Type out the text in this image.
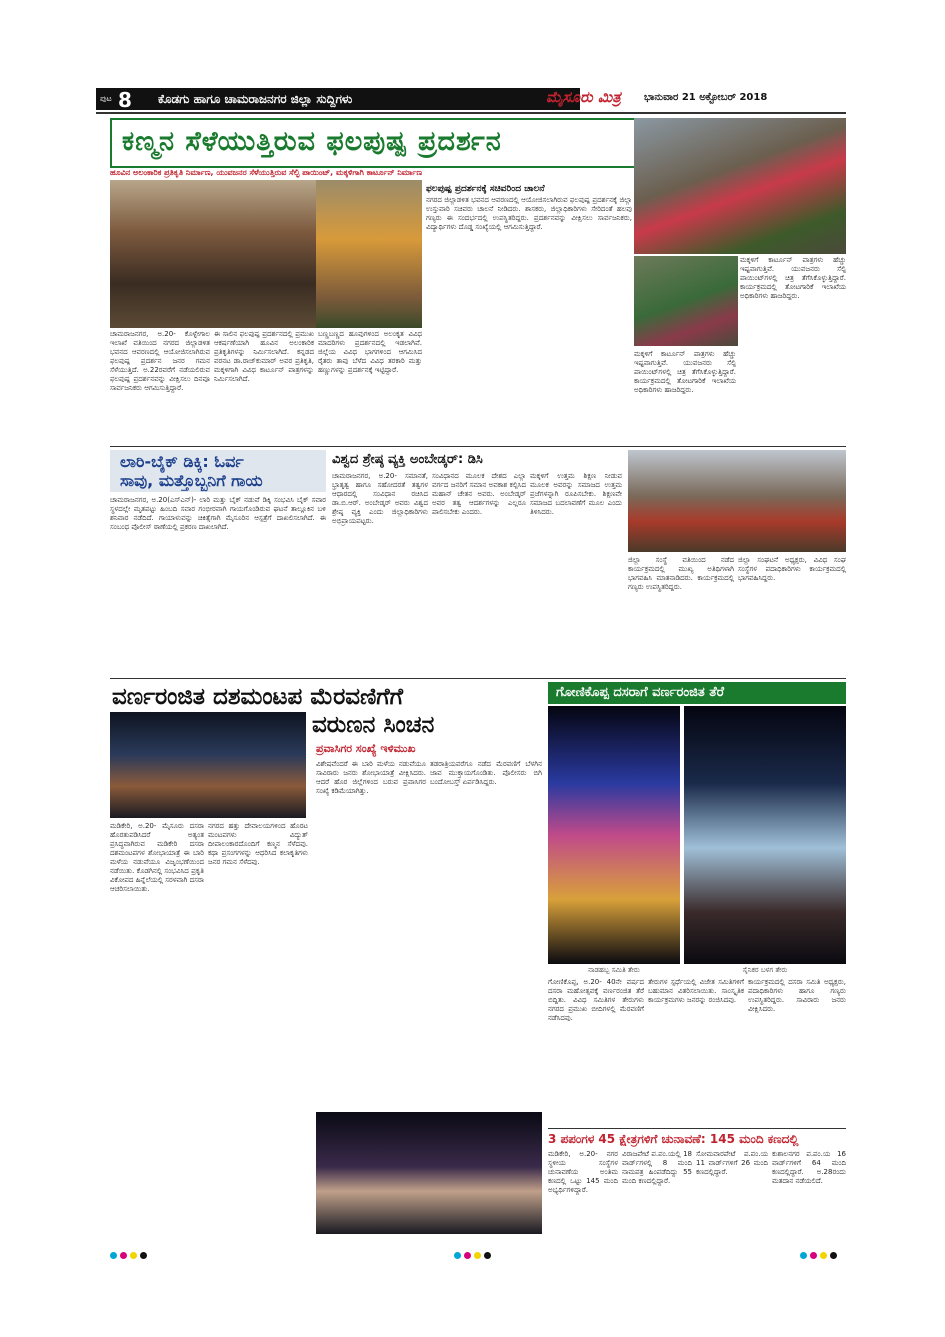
ಪುಟ 8 ಕೊಡಗು ಹಾಗೂ ಚಾಮರಾಜನಗರ ಜಿಲ್ಲಾ ಸುದ್ದಿಗಳು	ಮೈಸೂರು ಮಿತ್ರ ಭಾನುವಾರ 21 ಅಕ್ಟೋಬರ್ 2018
ಕಣ್ಮನ ಸೆಳೆಯುತ್ತಿರುವ ಫಲಪುಷ್ಪ ಪ್ರದರ್ಶನ
ಹೂವಿನ ಅಲಂಕಾರಿಕ ಪ್ರತಿಕೃತಿ ನಿರ್ಮಾಣ, ಯುವಜನರ ಸೆಳೆಯುತ್ತಿರುವ ಸೆಲ್ಫಿ ಪಾಯಿಂಟ್, ಮಕ್ಕಳಿಗಾಗಿ ಕಾರ್ಟೂನ್ ನಿರ್ಮಾಣ
ಫಲಪುಷ್ಪ ಪ್ರದರ್ಶನಕ್ಕೆ ಸಚಿವರಿಂದ ಚಾಲನೆ
ನಗರದ ಜಿಲ್ಲಾಡಳಿತ ಭವನದ ಆವರಣದಲ್ಲಿ ಆಯೋಜಿಸಲಾಗಿರುವ ಫಲಪುಷ್ಪ ಪ್ರದರ್ಶನಕ್ಕೆ ಜಿಲ್ಲಾ ಉಸ್ತುವಾರಿ ಸಚಿವರು ಚಾಲನೆ ನೀಡಿದರು. ಶಾಸಕರು, ಜಿಲ್ಲಾಧಿಕಾರಿಗಳು ಸೇರಿದಂತೆ ಹಲವು ಗಣ್ಯರು ಈ ಸಂದರ್ಭದಲ್ಲಿ ಉಪಸ್ಥಿತರಿದ್ದರು. ಪ್ರದರ್ಶನವನ್ನು ವೀಕ್ಷಿಸಲು ಸಾರ್ವಜನಿಕರು, ವಿದ್ಯಾರ್ಥಿಗಳು ದೊಡ್ಡ ಸಂಖ್ಯೆಯಲ್ಲಿ ಆಗಮಿಸುತ್ತಿದ್ದಾರೆ.
ಮಕ್ಕಳಿಗೆ ಕಾರ್ಟೂನ್ ಪಾತ್ರಗಳು ಹೆಚ್ಚು ಇಷ್ಟವಾಗುತ್ತಿವೆ. ಯುವಜನರು ಸೆಲ್ಫಿ ಪಾಯಿಂಟ್‌ಗಳಲ್ಲಿ ಚಿತ್ರ ತೆಗೆಸಿಕೊಳ್ಳುತ್ತಿದ್ದಾರೆ. ಕಾರ್ಯಕ್ರಮದಲ್ಲಿ ತೋಟಗಾರಿಕೆ ಇಲಾಖೆಯ ಅಧಿಕಾರಿಗಳು ಹಾಜರಿದ್ದರು.
ಚಾಮರಾಜನಗರ, ಅ.20- ಕೊಳ್ಳೇಗಾಲ ಇಲಾಖೆ ವತಿಯಿಂದ ನಗರದ ಜಿಲ್ಲಾಡಳಿತ ಭವನದ ಆವರಣದಲ್ಲಿ ಆಯೋಜಿಸಲಾಗಿರುವ ಫಲಪುಷ್ಪ ಪ್ರದರ್ಶನ ಜನರ ಗಮನ ಸೆಳೆಯುತ್ತಿದೆ. ಅ.22ರವರೆಗೆ ನಡೆಯಲಿರುವ ಫಲಪುಷ್ಪ ಪ್ರದರ್ಶನವನ್ನು ವೀಕ್ಷಿಸಲು ದಿನವೂ ಸಾರ್ವಜನಿಕರು ಆಗಮಿಸುತ್ತಿದ್ದಾರೆ.
ಈ ಸಾಲಿನ ಫಲಪುಷ್ಪ ಪ್ರದರ್ಶನದಲ್ಲಿ ಪ್ರಮುಖ ಆಕರ್ಷಣೆಯಾಗಿ ಹೂವಿನ ಅಲಂಕಾರಿಕ ಪ್ರತಿಕೃತಿಗಳನ್ನು ನಿರ್ಮಿಸಲಾಗಿದೆ. ಕನ್ನಡದ ವರನಟ ಡಾ.ರಾಜ್‌ಕುಮಾರ್ ಅವರ ಪ್ರತಿಕೃತಿ, ಮಕ್ಕಳಿಗಾಗಿ ವಿವಿಧ ಕಾರ್ಟೂನ್ ಪಾತ್ರಗಳನ್ನು ನಿರ್ಮಿಸಲಾಗಿದೆ.
ಬಣ್ಣಬಣ್ಣದ ಹೂವುಗಳಿಂದ ಅಲಂಕೃತ ವಿವಿಧ ಮಾದರಿಗಳು ಪ್ರದರ್ಶನದಲ್ಲಿ ಇಡಲಾಗಿವೆ. ಜಿಲ್ಲೆಯ ವಿವಿಧ ಭಾಗಗಳಿಂದ ಆಗಮಿಸಿದ ರೈತರು ತಾವು ಬೆಳೆದ ವಿವಿಧ ತರಕಾರಿ ಮತ್ತು ಹಣ್ಣುಗಳನ್ನು ಪ್ರದರ್ಶನಕ್ಕೆ ಇಟ್ಟಿದ್ದಾರೆ.
ಮಕ್ಕಳಿಗೆ ಕಾರ್ಟೂನ್ ಪಾತ್ರಗಳು ಹೆಚ್ಚು ಇಷ್ಟವಾಗುತ್ತಿವೆ. ಯುವಜನರು ಸೆಲ್ಫಿ ಪಾಯಿಂಟ್‌ಗಳಲ್ಲಿ ಚಿತ್ರ ತೆಗೆಸಿಕೊಳ್ಳುತ್ತಿದ್ದಾರೆ. ಕಾರ್ಯಕ್ರಮದಲ್ಲಿ ತೋಟಗಾರಿಕೆ ಇಲಾಖೆಯ ಅಧಿಕಾರಿಗಳು ಹಾಜರಿದ್ದರು.
ಲಾರಿ-ಬೈಕ್ ಡಿಕ್ಕಿ: ಓರ್ವ
ಸಾವು, ಮತ್ತೊಬ್ಬನಿಗೆ ಗಾಯ
ಚಾಮರಾಜನಗರ, ಅ.20(ಎಸ್‌ಎನ್)- ಲಾರಿ ಮತ್ತು ಬೈಕ್ ನಡುವೆ ಡಿಕ್ಕಿ ಸಂಭವಿಸಿ ಬೈಕ್ ಸವಾರ ಸ್ಥಳದಲ್ಲೇ ಮೃತಪಟ್ಟು ಹಿಂಬದಿ ಸವಾರ ಗಂಭೀರವಾಗಿ ಗಾಯಗೊಂಡಿರುವ ಘಟನೆ ತಾಲ್ಲೂಕಿನ ಬಳಿ ಶನಿವಾರ ನಡೆದಿದೆ. ಗಾಯಾಳುವನ್ನು ಚಿಕಿತ್ಸೆಗಾಗಿ ಮೈಸೂರಿನ ಆಸ್ಪತ್ರೆಗೆ ದಾಖಲಿಸಲಾಗಿದೆ. ಈ ಸಂಬಂಧ ಪೊಲೀಸ್ ಠಾಣೆಯಲ್ಲಿ ಪ್ರಕರಣ ದಾಖಲಾಗಿದೆ.
ವಿಶ್ವದ ಶ್ರೇಷ್ಠ ವ್ಯಕ್ತಿ ಅಂಬೇಡ್ಕರ್: ಡಿಸಿ
ಚಾಮರಾಜನಗರ, ಅ.20- ಸಮಾನತೆ, ಭ್ರಾತೃತ್ವ ಹಾಗೂ ಸಹೋದರತೆ ತತ್ವಗಳ ಆಧಾರದಲ್ಲಿ ಸಂವಿಧಾನ ರಚಿಸಿದ ಡಾ.ಬಿ.ಆರ್. ಅಂಬೇಡ್ಕರ್ ಅವರು ವಿಶ್ವದ ಶ್ರೇಷ್ಠ ವ್ಯಕ್ತಿ ಎಂದು ಜಿಲ್ಲಾಧಿಕಾರಿಗಳು ಅಭಿಪ್ರಾಯಪಟ್ಟರು.
ಸಂವಿಧಾನದ ಮೂಲಕ ದೇಶದ ಎಲ್ಲಾ ವರ್ಗದ ಜನರಿಗೆ ಸಮಾನ ಅವಕಾಶ ಕಲ್ಪಿಸಿದ ಮಹಾನ್ ಚೇತನ ಅವರು. ಅಂಬೇಡ್ಕರ್ ಅವರ ತತ್ವ ಆದರ್ಶಗಳನ್ನು ಎಲ್ಲರೂ ಪಾಲಿಸಬೇಕು ಎಂದರು.
ಮಕ್ಕಳಿಗೆ ಉತ್ತಮ ಶಿಕ್ಷಣ ನೀಡುವ ಮೂಲಕ ಅವರನ್ನು ಸಮಾಜದ ಉತ್ತಮ ಪ್ರಜೆಗಳನ್ನಾಗಿ ರೂಪಿಸಬೇಕು. ಶಿಕ್ಷಣವೇ ಸಮಾಜದ ಬದಲಾವಣೆಗೆ ಮೂಲ ಎಂದು ತಿಳಿಸಿದರು.
ಜಿಲ್ಲಾ ಸಂಸ್ಥೆ ವತಿಯಿಂದ ನಡೆದ ಕಾರ್ಯಕ್ರಮದಲ್ಲಿ ಮುಖ್ಯ ಅತಿಥಿಗಳಾಗಿ ಭಾಗವಹಿಸಿ ಮಾತನಾಡಿದರು. ಕಾರ್ಯಕ್ರಮದಲ್ಲಿ ಗಣ್ಯರು ಉಪಸ್ಥಿತರಿದ್ದರು.
ಜಿಲ್ಲಾ ಸಂಘಟನೆ ಅಧ್ಯಕ್ಷರು, ವಿವಿಧ ಸಂಘ ಸಂಸ್ಥೆಗಳ ಪದಾಧಿಕಾರಿಗಳು ಕಾರ್ಯಕ್ರಮದಲ್ಲಿ ಭಾಗವಹಿಸಿದ್ದರು.
ವರ್ಣರಂಜಿತ ದಶಮಂಟಪ ಮೆರವಣಿಗೆಗೆ
ವರುಣನ ಸಿಂಚನ
ಪ್ರವಾಸಿಗರ ಸಂಖ್ಯೆ ಇಳಿಮುಖ
ಮಡಿಕೇರಿ, ಅ.20- ಮೈಸೂರು ದಸರಾ ಹೊರತುಪಡಿಸಿದರೆ ಅತ್ಯಂತ ಪ್ರಸಿದ್ಧವಾಗಿರುವ ಮಡಿಕೇರಿ ದಸರಾ ದಶಮಂಟಪಗಳ ಶೋಭಾಯಾತ್ರೆ ಈ ಬಾರಿ ಮಳೆಯ ನಡುವೆಯೂ ವಿಜೃಂಭಣೆಯಿಂದ ನಡೆಯಿತು. ಕೊಡಗಿನಲ್ಲಿ ಸಂಭವಿಸಿದ ಪ್ರಕೃತಿ ವಿಕೋಪದ ಹಿನ್ನೆಲೆಯಲ್ಲಿ ಸರಳವಾಗಿ ದಸರಾ ಆಚರಿಸಲಾಯಿತು.
ನಗರದ ಹತ್ತು ದೇವಾಲಯಗಳಿಂದ ಹೊರಟ ಮಂಟಪಗಳು ವಿದ್ಯುತ್ ದೀಪಾಲಂಕಾರದೊಂದಿಗೆ ಕಣ್ಮನ ಸೆಳೆದವು. ಕಥಾ ಪ್ರಸಂಗಗಳನ್ನು ಆಧರಿಸಿದ ಕಲಾಕೃತಿಗಳು ಜನರ ಗಮನ ಸೆಳೆದವು.
ವಿಶೇಷವೆಂದರೆ ಈ ಬಾರಿ ಮಳೆಯ ನಡುವೆಯೂ ಸಾವಿರಾರು ಜನರು ಶೋಭಾಯಾತ್ರೆ ವೀಕ್ಷಿಸಿದರು. ಆದರೆ ಹೊರ ಜಿಲ್ಲೆಗಳಿಂದ ಬರುವ ಪ್ರವಾಸಿಗರ ಸಂಖ್ಯೆ ಕಡಿಮೆಯಾಗಿತ್ತು.
ತಡರಾತ್ರಿಯವರೆಗೂ ನಡೆದ ಮೆರವಣಿಗೆ ಬೆಳಗಿನ ಜಾವ ಮುಕ್ತಾಯಗೊಂಡಿತು. ಪೊಲೀಸರು ಬಿಗಿ ಬಂದೋಬಸ್ತ್ ಏರ್ಪಡಿಸಿದ್ದರು.
ಗೋಣಿಕೊಪ್ಪ ದಸರಾಗೆ ವರ್ಣರಂಜಿತ ತೆರೆ
ನಾಡಹಬ್ಬ ಸಮಿತಿ ತೇರು	ಸೈನಿಕರ ಬಳಗ ತೇರು
ಗೋಣಿಕೊಪ್ಪ, ಅ.20- 40ನೇ ವರ್ಷದ ದಸರಾ ಮಹೋತ್ಸವಕ್ಕೆ ವರ್ಣರಂಜಿತ ತೆರೆ ಬಿದ್ದಿತು. ವಿವಿಧ ಸಮಿತಿಗಳ ತೇರುಗಳು ನಗರದ ಪ್ರಮುಖ ಬೀದಿಗಳಲ್ಲಿ ಮೆರವಣಿಗೆ ನಡೆಸಿದವು.
ತೇರುಗಳ ಸ್ಪರ್ಧೆಯಲ್ಲಿ ವಿಜೇತ ಸಮಿತಿಗಳಿಗೆ ಬಹುಮಾನ ವಿತರಿಸಲಾಯಿತು. ಸಾಂಸ್ಕೃತಿಕ ಕಾರ್ಯಕ್ರಮಗಳು ಜನರನ್ನು ರಂಜಿಸಿದವು.
ಕಾರ್ಯಕ್ರಮದಲ್ಲಿ ದಸರಾ ಸಮಿತಿ ಅಧ್ಯಕ್ಷರು, ಪದಾಧಿಕಾರಿಗಳು ಹಾಗೂ ಗಣ್ಯರು ಉಪಸ್ಥಿತರಿದ್ದರು. ಸಾವಿರಾರು ಜನರು ವೀಕ್ಷಿಸಿದರು.
3 ಪಪಂಗಳ 45 ಕ್ಷೇತ್ರಗಳಿಗೆ ಚುನಾವಣೆ: 145 ಮಂದಿ ಕಣದಲ್ಲಿ
ಮಡಿಕೇರಿ, ಅ.20- ನಗರ ಸ್ಥಳೀಯ ಸಂಸ್ಥೆಗಳ ಚುನಾವಣೆಯ ಅಂತಿಮ ಕಣದಲ್ಲಿ ಒಟ್ಟು 145 ಮಂದಿ ಅಭ್ಯರ್ಥಿಗಳಿದ್ದಾರೆ.
ವಿರಾಜಪೇಟೆ ಪ.ಪಂ.ಯಲ್ಲಿ 18 ವಾರ್ಡ್‌ಗಳಲ್ಲಿ 8 ಮಂದಿ ನಾಮಪತ್ರ ಹಿಂಪಡೆದಿದ್ದು 55 ಮಂದಿ ಕಣದಲ್ಲಿದ್ದಾರೆ.
ಸೋಮವಾರಪೇಟೆ ಪ.ಪಂ.ಯ 11 ವಾರ್ಡ್‌ಗಳಿಗೆ 26 ಮಂದಿ ಕಣದಲ್ಲಿದ್ದಾರೆ.
ಕುಶಾಲನಗರ ಪ.ಪಂ.ಯ 16 ವಾರ್ಡ್‌ಗಳಿಗೆ 64 ಮಂದಿ ಕಣದಲ್ಲಿದ್ದಾರೆ. ಅ.28ರಂದು ಮತದಾನ ನಡೆಯಲಿದೆ.
